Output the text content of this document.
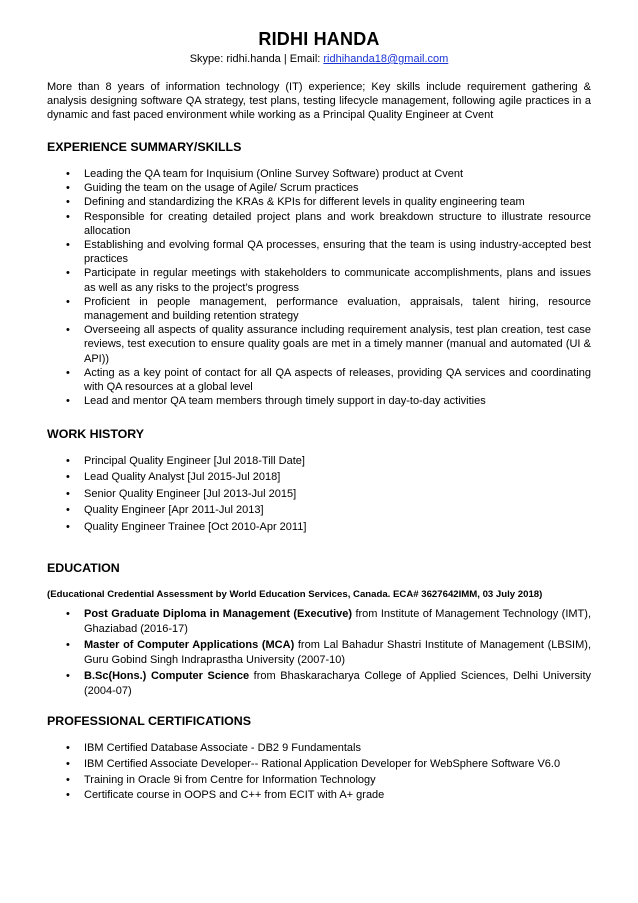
RIDHI HANDA
Skype: ridhi.handa | Email: ridhihanda18@gmail.com
More than 8 years of information technology (IT) experience; Key skills include requirement gathering & analysis designing software QA strategy, test plans, testing lifecycle management, following agile practices in a dynamic and fast paced environment while working as a Principal Quality Engineer at Cvent
EXPERIENCE SUMMARY/SKILLS
• Leading the QA team for Inquisium (Online Survey Software) product at Cvent
• Guiding the team on the usage of Agile/ Scrum practices
• Defining and standardizing the KRAs & KPIs for different levels in quality engineering team
• Responsible for creating detailed project plans and work breakdown structure to illustrate resource allocation
• Establishing and evolving formal QA processes, ensuring that the team is using industry-accepted best practices
• Participate in regular meetings with stakeholders to communicate accomplishments, plans and issues as well as any risks to the project’s progress
• Proficient in people management, performance evaluation, appraisals, talent hiring, resource management and building retention strategy
• Overseeing all aspects of quality assurance including requirement analysis, test plan creation, test case reviews, test execution to ensure quality goals are met in a timely manner (manual and automated (UI & API))
• Acting as a key point of contact for all QA aspects of releases, providing QA services and coordinating with QA resources at a global level
• Lead and mentor QA team members through timely support in day-to-day activities
WORK HISTORY
• Principal Quality Engineer [Jul 2018-Till Date]
• Lead Quality Analyst [Jul 2015-Jul 2018]
• Senior Quality Engineer [Jul 2013-Jul 2015]
• Quality Engineer [Apr 2011-Jul 2013]
• Quality Engineer Trainee [Oct 2010-Apr 2011]
EDUCATION
(Educational Credential Assessment by World Education Services, Canada. ECA# 3627642IMM, 03 July 2018)
• Post Graduate Diploma in Management (Executive) from Institute of Management Technology (IMT), Ghaziabad (2016-17)
• Master of Computer Applications (MCA) from Lal Bahadur Shastri Institute of Management (LBSIM), Guru Gobind Singh Indraprastha University (2007-10)
• B.Sc(Hons.) Computer Science from Bhaskaracharya College of Applied Sciences, Delhi University (2004-07)
PROFESSIONAL CERTIFICATIONS
• IBM Certified Database Associate - DB2 9 Fundamentals
• IBM Certified Associate Developer-- Rational Application Developer for WebSphere Software V6.0
• Training in Oracle 9i from Centre for Information Technology
• Certificate course in OOPS and C++ from ECIT with A+ grade
